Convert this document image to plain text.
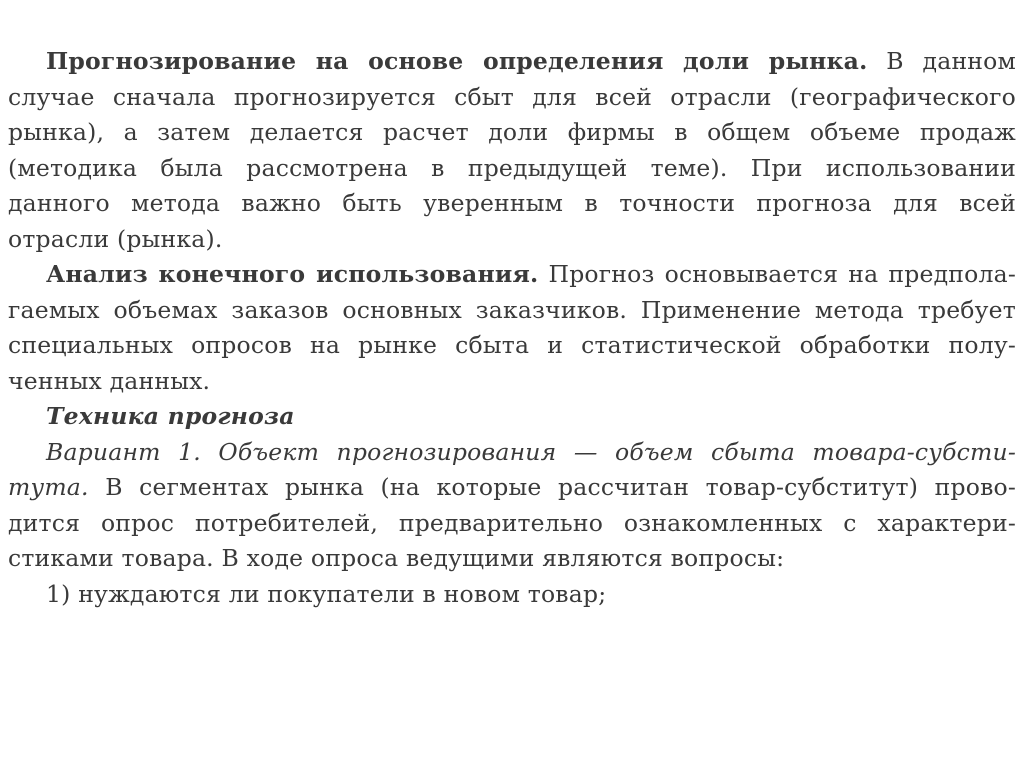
Прогнозирование на основе определения доли рынка. В данном
случае сначала прогнозируется сбыт для всей отрасли (географического
рынка), а затем делается расчет доли фирмы в общем объеме продаж
(методика была рассмотрена в предыдущей теме). При использовании
данного метода важно быть уверенным в точности прогноза для всей
отрасли (рынка).
Анализ конечного использования. Прогноз основывается на предпола-
гаемых объемах заказов основных заказчиков. Применение метода требует
специальных опросов на рынке сбыта и статистической обработки полу-
ченных данных.
Техника прогноза
Вариант 1. Объект прогнозирования — объем сбыта товара-субсти-
тута. В сегментах рынка (на которые рассчитан товар-субститут) прово-
дится опрос потребителей, предварительно ознакомленных с характери-
стиками товара. В ходе опроса ведущими являются вопросы:
1) нуждаются ли покупатели в новом товар;
